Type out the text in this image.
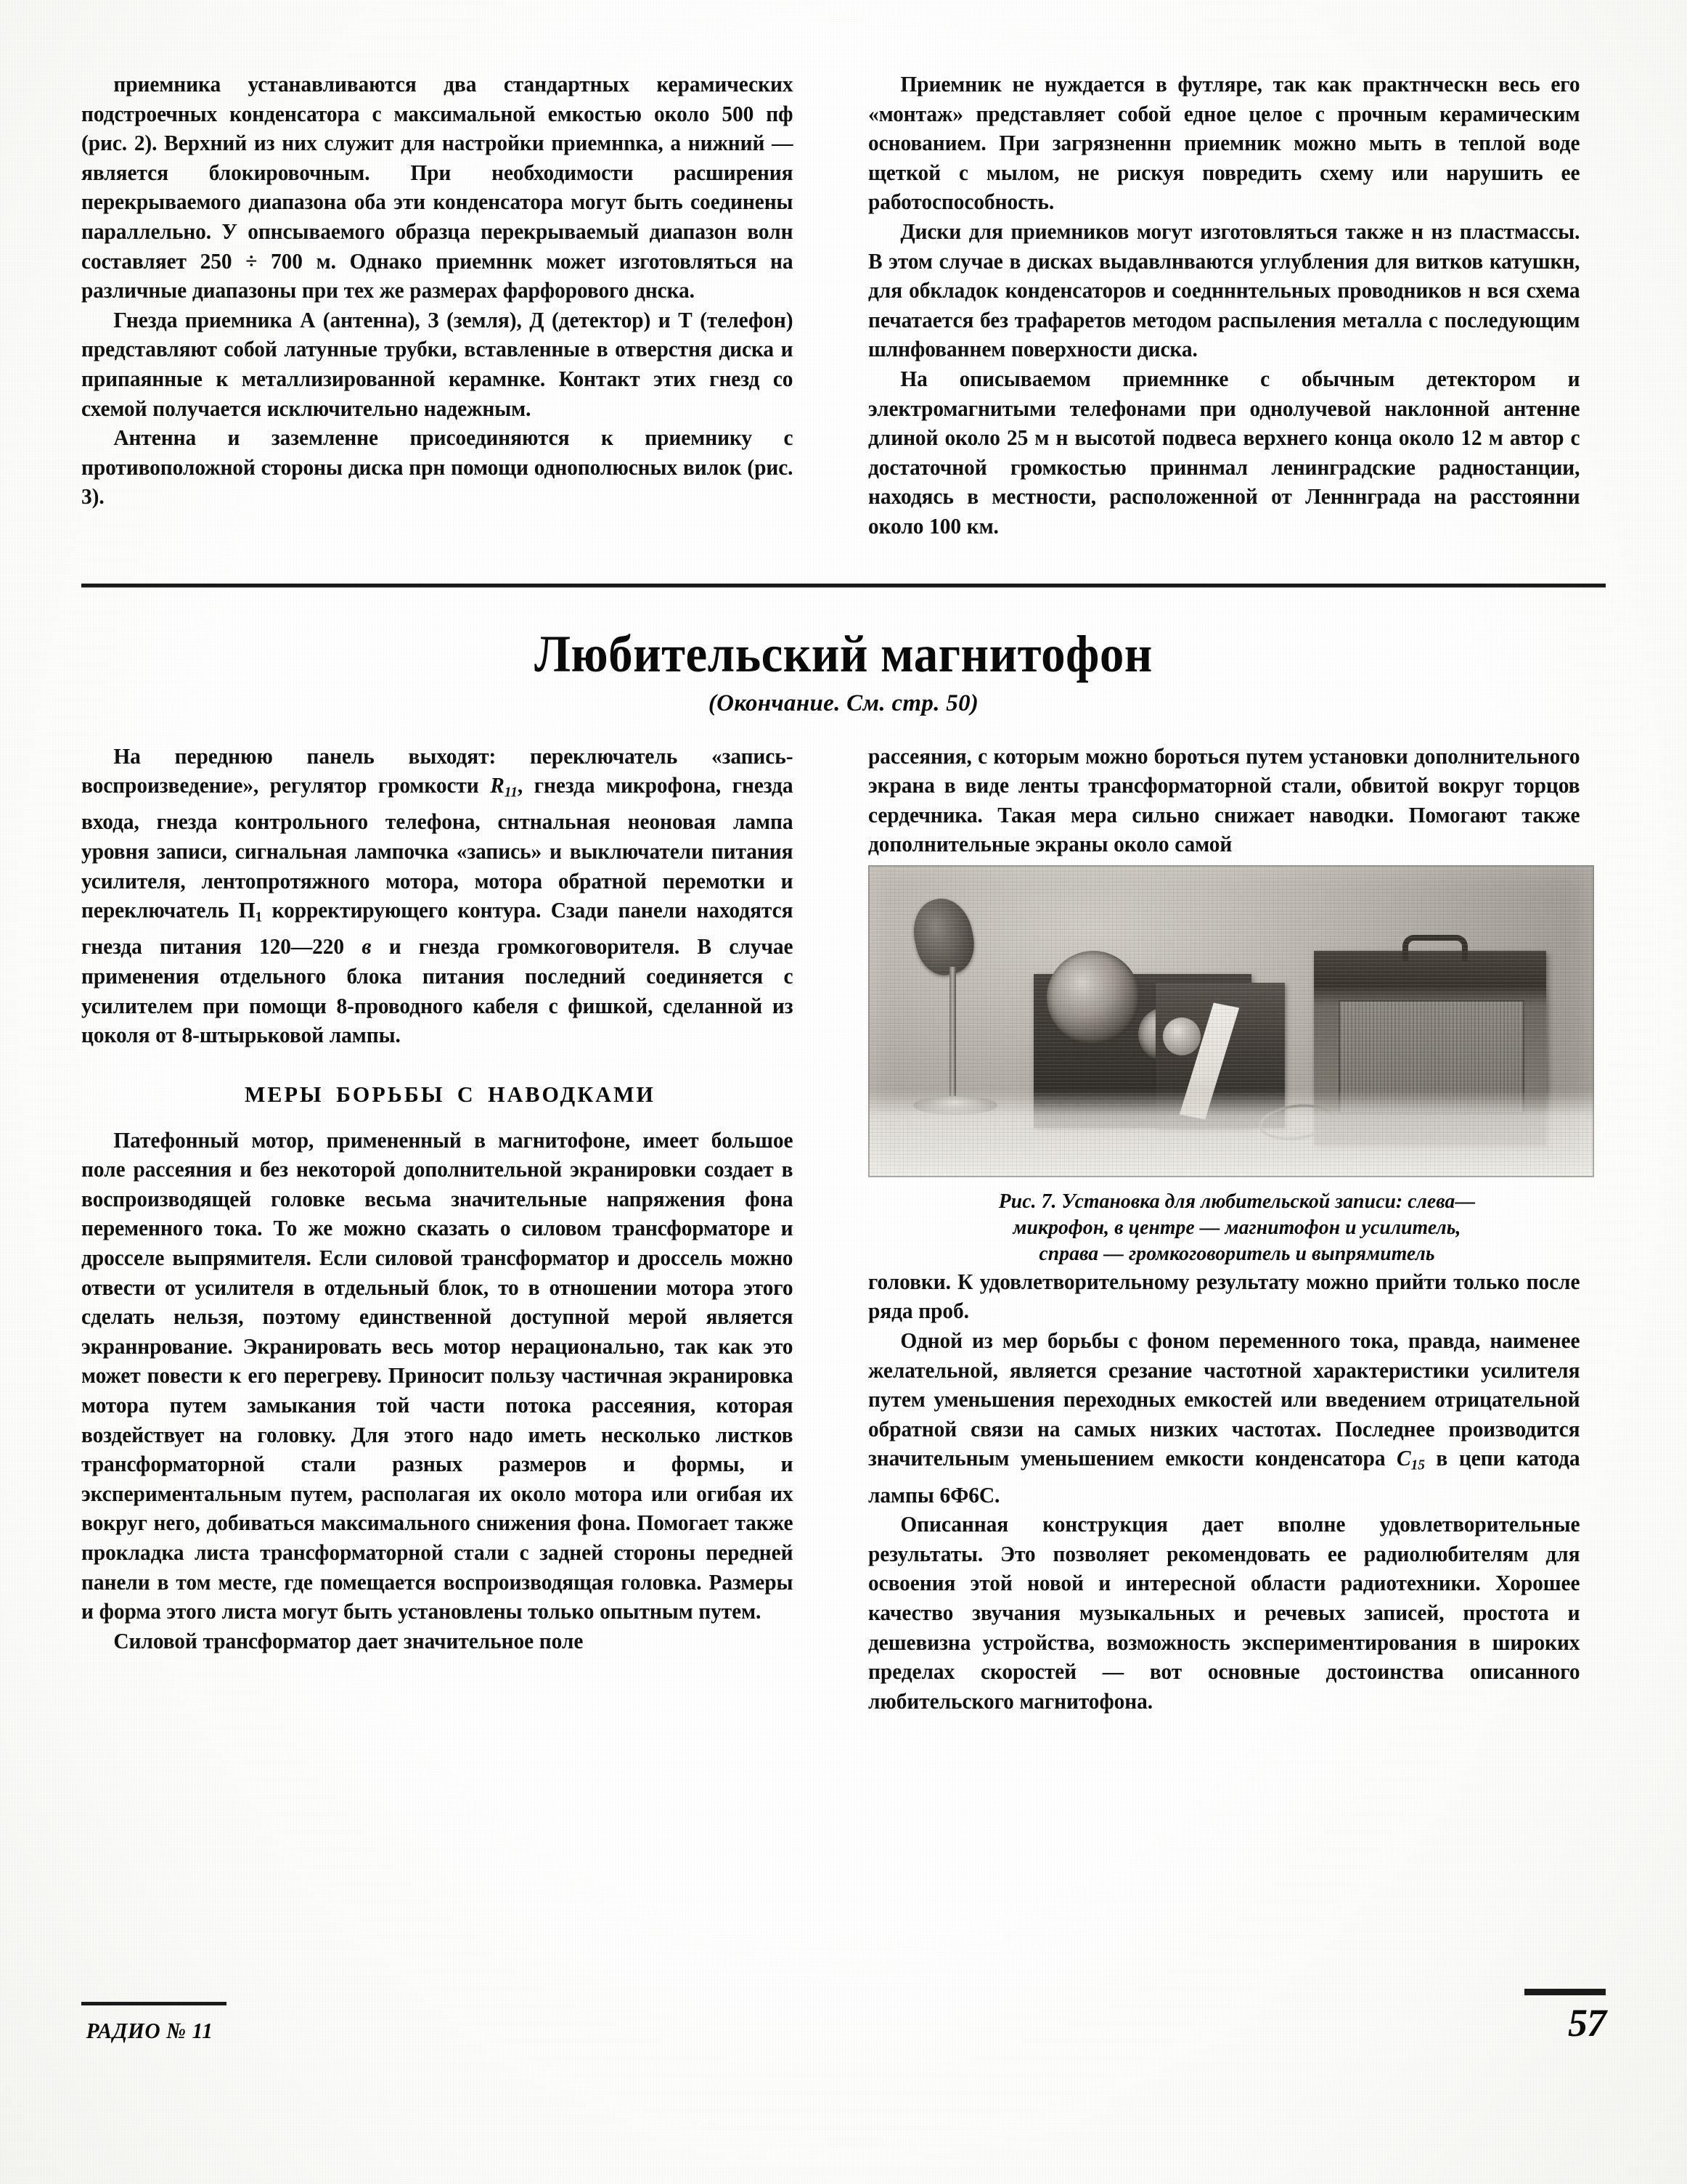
приемника устанавливаются два стандартных керамических подстроечных конденсатора с максимальной емкостью около 500 пф (рис. 2). Верхний из них служит для настройки приемнnка, а нижний — является блокировочным. При необходимости расширения перекрываемого диапазона оба эти конденсатора могут быть соединены параллельно. У опнсываемого образца перекрываемый диапазон волн составляет 250 ÷ 700 м. Однако приемннк может изготовляться на различные диапазоны при тех же размерах фарфорового днска.

Гнезда приемника А (антенна), З (земля), Д (детектор) и Т (телефон) представляют собой латунные трубки, вставленные в отверстня диска и припаянные к металлизированной керамнке. Контакт этих гнезд со схемой получается исключительно надежным.

Антенна и заземленне присоединяются к приемнику с противоположной стороны диска прн помощи однополюсных вилок (рис. 3).

Приемник не нуждается в футляре, так как практнческн весь его «монтаж» представляет собой едное целое с прочным керамическим основанием. При загрязненнн приемник можно мыть в теплой воде щеткой с мылом, не рискуя повредить схему или нарушить ее работоспособность.

Диски для приемников могут изготовляться также н нз пластмассы. В этом случае в дисках выдавлнваются углубления для витков катушкн, для обкладок конденсаторов и соеднннтельных проводников н вся схема печатается без трафаретов методом распыления металла с последующим шлнфованнем поверхности диска.

На описываемом приемннке с обычным детектором и электромагнитыми телефонами при однолучевой наклонной антенне длиной около 25 м н высотой подвеса верхнего конца около 12 м автор с достаточной громкостью приннмал ленинградские радностанции, находясь в местности, расположенной от Ленннграда на расстоянни около 100 км.

Любительский магнитофон
(Окончание. См. стр. 50)

На переднюю панель выходят: переключатель «запись-воспроизведение», регулятор громкости $R_{11}$, гнезда микрофона, гнезда входа, гнезда контрольного телефона, снтнальная неоновая лампа уровня записи, сигнальная лампочка «запись» и выключатели питания усилителя, лентопротяжного мотора, мотора обратной перемотки и переключатель П1 корректирующего контура. Сзади панели находятся гнезда питания 120—220 в и гнезда громкоговорителя. В случае применения отдельного блока питания последний соединяется с усилителем при помощи 8-проводного кабеля с фишкой, сделанной из цоколя от 8-штырьковой лампы.

МЕРЫ БОРЬБЫ С НАВОДКАМИ

Патефонный мотор, примененный в магнитофоне, имеет большое поле рассеяния и без некоторой дополнительной экранировки создает в воспроизводящей головке весьма значительные напряжения фона переменного тока. То же можно сказать о силовом трансформаторе и дросселе выпрямителя. Если силовой трансформатор и дроссель можно отвести от усилителя в отдельный блок, то в отношении мотора этого сделать нельзя, поэтому единственной доступной мерой является экраннрование. Экранировать весь мотор нерационально, так как это может повести к его перегреву. Приносит пользу частичная экранировка мотора путем замыкания той части потока рассеяния, которая воздействует на головку. Для этого надо иметь несколько листков трансформаторной стали разных размеров и формы, и экспериментальным путем, располагая их около мотора или огибая их вокруг него, добиваться максимального снижения фона. Помогает также прокладка листа трансформаторной стали с задней стороны передней панели в том месте, где помещается воспроизводящая головка. Размеры и форма этого листа могут быть установлены только опытным путем.

Силовой трансформатор дает значительное поле

рассеяния, с которым можно бороться путем установки дополнительного экрана в виде ленты трансформаторной стали, обвитой вокруг торцов сердечника. Такая мера сильно снижает наводки. Помогают также дополнительные экраны около самой

Рис. 7. Установка для любительской записи: слева—
микрофон, в центре — магнитофон и усилитель,
справа — громкоговоритель и выпрямитель

головки. К удовлетворительному результату можно прийти только после ряда проб.

Одной из мер борьбы с фоном переменного тока, правда, наименее желательной, является срезание частотной характеристики усилителя путем уменьшения переходных емкостей или введением отрицательной обратной связи на самых низких частотах. Последнее производится значительным уменьшением емкости конденсатора $C_{15}$ в цепи катода лампы 6Ф6С.

Описанная конструкция дает вполне удовлетворительные результаты. Это позволяет рекомендовать ее радиолюбителям для освоения этой новой и интересной области радиотехники. Хорошее качество звучания музыкальных и речевых записей, простота и дешевизна устройства, возможность экспериментирования в широких пределах скоростей — вот основные достоинства описанного любительского магнитофона.

РАДИО № 11	57
